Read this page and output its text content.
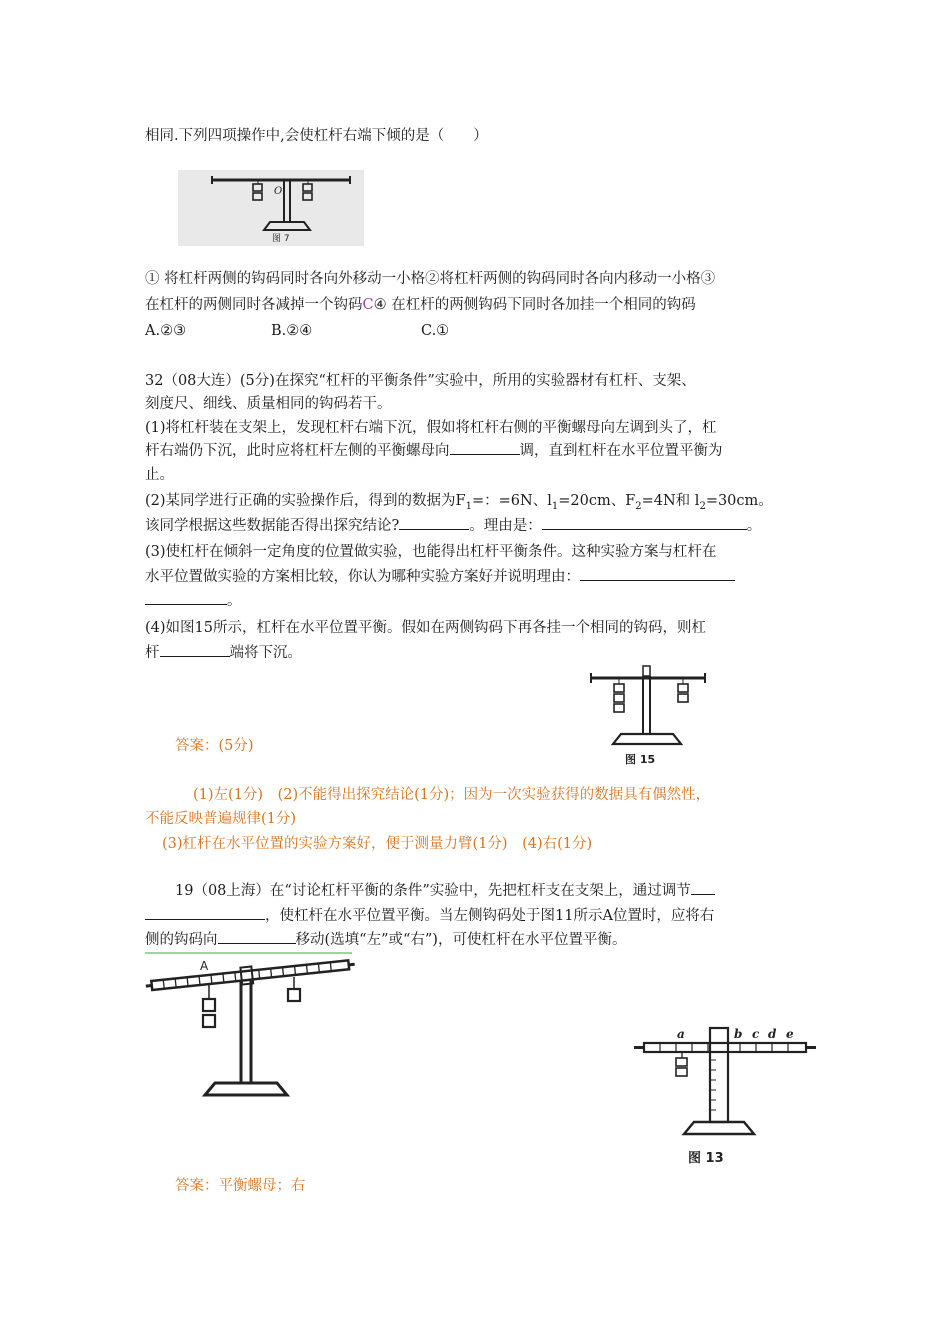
相同.下列四项操作中,会使杠杆右端下倾的是（　　）
O
图 7
① 将杠杆两侧的钩码同时各向外移动一小格②将杠杆两侧的钩码同时各向内移动一小格③
在杠杆的两侧同时各减掉一个钩码C④ 在杠杆的两侧钩码下同时各加挂一个相同的钩码
A.②③	B.②④	C.①
32（08大连）(5分)在探究“杠杆的平衡条件”实验中，所用的实验器材有杠杆、支架、
刻度尺、细线、质量相同的钩码若干。
(1)将杠杆装在支架上，发现杠杆右端下沉，假如将杠杆右侧的平衡螺母向左调到头了，杠
杆右端仍下沉，此时应将杠杆左侧的平衡螺母向	调，直到杠杆在水平位置平衡为
止。
(2)某同学进行正确的实验操作后，得到的数据为$F_1=$：=6N、$l_1=20cm$、$F_2=4N$和 $l_2=30cm$。
该同学根据这些数据能否得出探究结论?	。理由是：	。
(3)使杠杆在倾斜一定角度的位置做实验，也能得出杠杆平衡条件。这种实验方案与杠杆在
水平位置做实验的方案相比较，你认为哪种实验方案好并说明理由：
。
(4)如图15所示，杠杆在水平位置平衡。假如在两侧钩码下再各挂一个相同的钩码，则杠
杆	端将下沉。
图 15
答案：(5分)
(1)左(1分)　(2)不能得出探究结论(1分)；因为一次实验获得的数据具有偶然性，
不能反映普遍规律(1分)
(3)杠杆在水平位置的实验方案好，便于测量力臂(1分)　(4)右(1分)
19（08上海）在“讨论杠杆平衡的条件”实验中，先把杠杆支在支架上，通过调节
，使杠杆在水平位置平衡。当左侧钩码处于图11所示A位置时，应将右
侧的钩码向	移动(选填“左”或“右”)，可使杠杆在水平位置平衡。
A
a	b c d e
图 13
答案：平衡螺母；右
